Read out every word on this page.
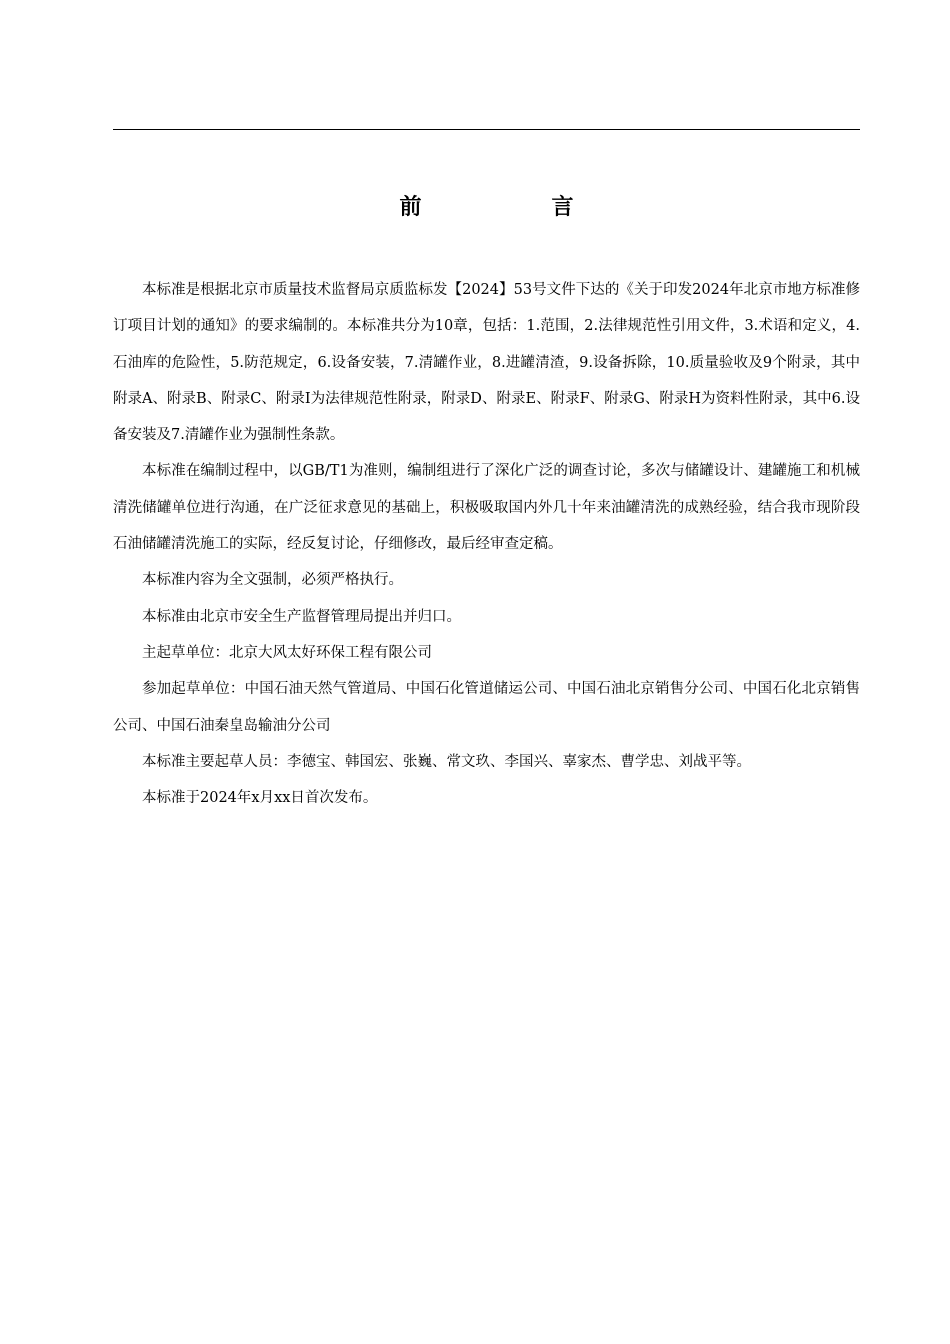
前　言

本标准是根据北京市质量技术监督局京质监标发【2024】53号文件下达的《关于印发2024年北京市地方标准修订项目计划的通知》的要求编制的。本标准共分为10章，包括：1.范围，2.法律规范性引用文件，3.术语和定义，4.石油库的危险性，5.防范规定，6.设备安装，7.清罐作业，8.进罐清渣，9.设备拆除，10.质量验收及9个附录，其中附录A、附录B、附录C、附录I为法律规范性附录，附录D、附录E、附录F、附录G、附录H为资料性附录，其中6.设备安装及7.清罐作业为强制性条款。

本标准在编制过程中，以GB/T1为准则，编制组进行了深化广泛的调查讨论，多次与储罐设计、建罐施工和机械清洗储罐单位进行沟通，在广泛征求意见的基础上，积极吸取国内外几十年来油罐清洗的成熟经验，结合我市现阶段石油储罐清洗施工的实际，经反复讨论，仔细修改，最后经审查定稿。

本标准内容为全文强制，必须严格执行。

本标准由北京市安全生产监督管理局提出并归口。

主起草单位：北京大风太好环保工程有限公司

参加起草单位：中国石油天然气管道局、中国石化管道储运公司、中国石油北京销售分公司、中国石化北京销售公司、中国石油秦皇岛输油分公司

本标准主要起草人员：李德宝、韩国宏、张巍、常文玖、李国兴、辜家杰、曹学忠、刘战平等。

本标准于2024年x月xx日首次发布。
